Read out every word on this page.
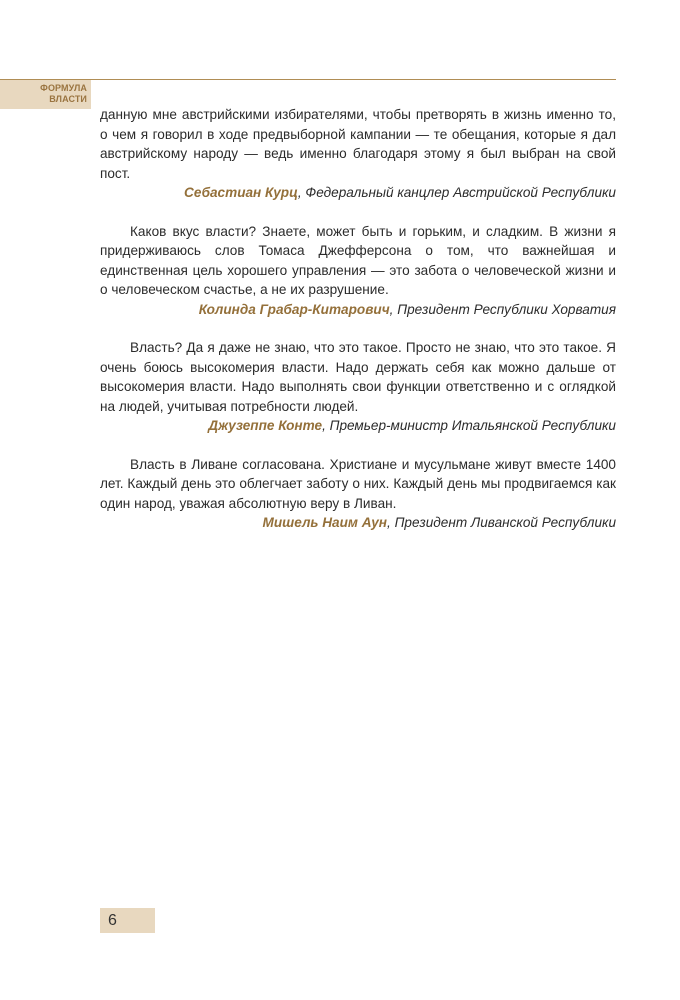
ФОРМУЛА
ВЛАСТИ

данную мне австрийскими избирателями, чтобы претворять в жизнь именно то, о чем я говорил в ходе предвыборной кампании — те обещания, которые я дал австрийскому народу — ведь именно благодаря этому я был выбран на свой пост.

Себастиан Курц, Федеральный канцлер Австрийской Республики

Каков вкус власти? Знаете, может быть и горьким, и сладким. В жизни я придерживаюсь слов Томаса Джефферсона о том, что важнейшая и единственная цель хорошего управления — это забота о человеческой жизни и о человеческом счастье, а не их разрушение.

Колинда Грабар-Китарович, Президент Республики Хорватия

Власть? Да я даже не знаю, что это такое. Просто не знаю, что это такое. Я очень боюсь высокомерия власти. Надо держать себя как можно дальше от высокомерия власти. Надо выполнять свои функции ответственно и с оглядкой на людей, учитывая потребности людей.

Джузеппе Конте, Премьер-министр Итальянской Республики

Власть в Ливане согласована. Христиане и мусульмане живут вместе 1400 лет. Каждый день это облегчает заботу о них. Каждый день мы продвигаемся как один народ, уважая абсолютную веру в Ливан.

Мишель Наим Аун, Президент Ливанской Республики

6
